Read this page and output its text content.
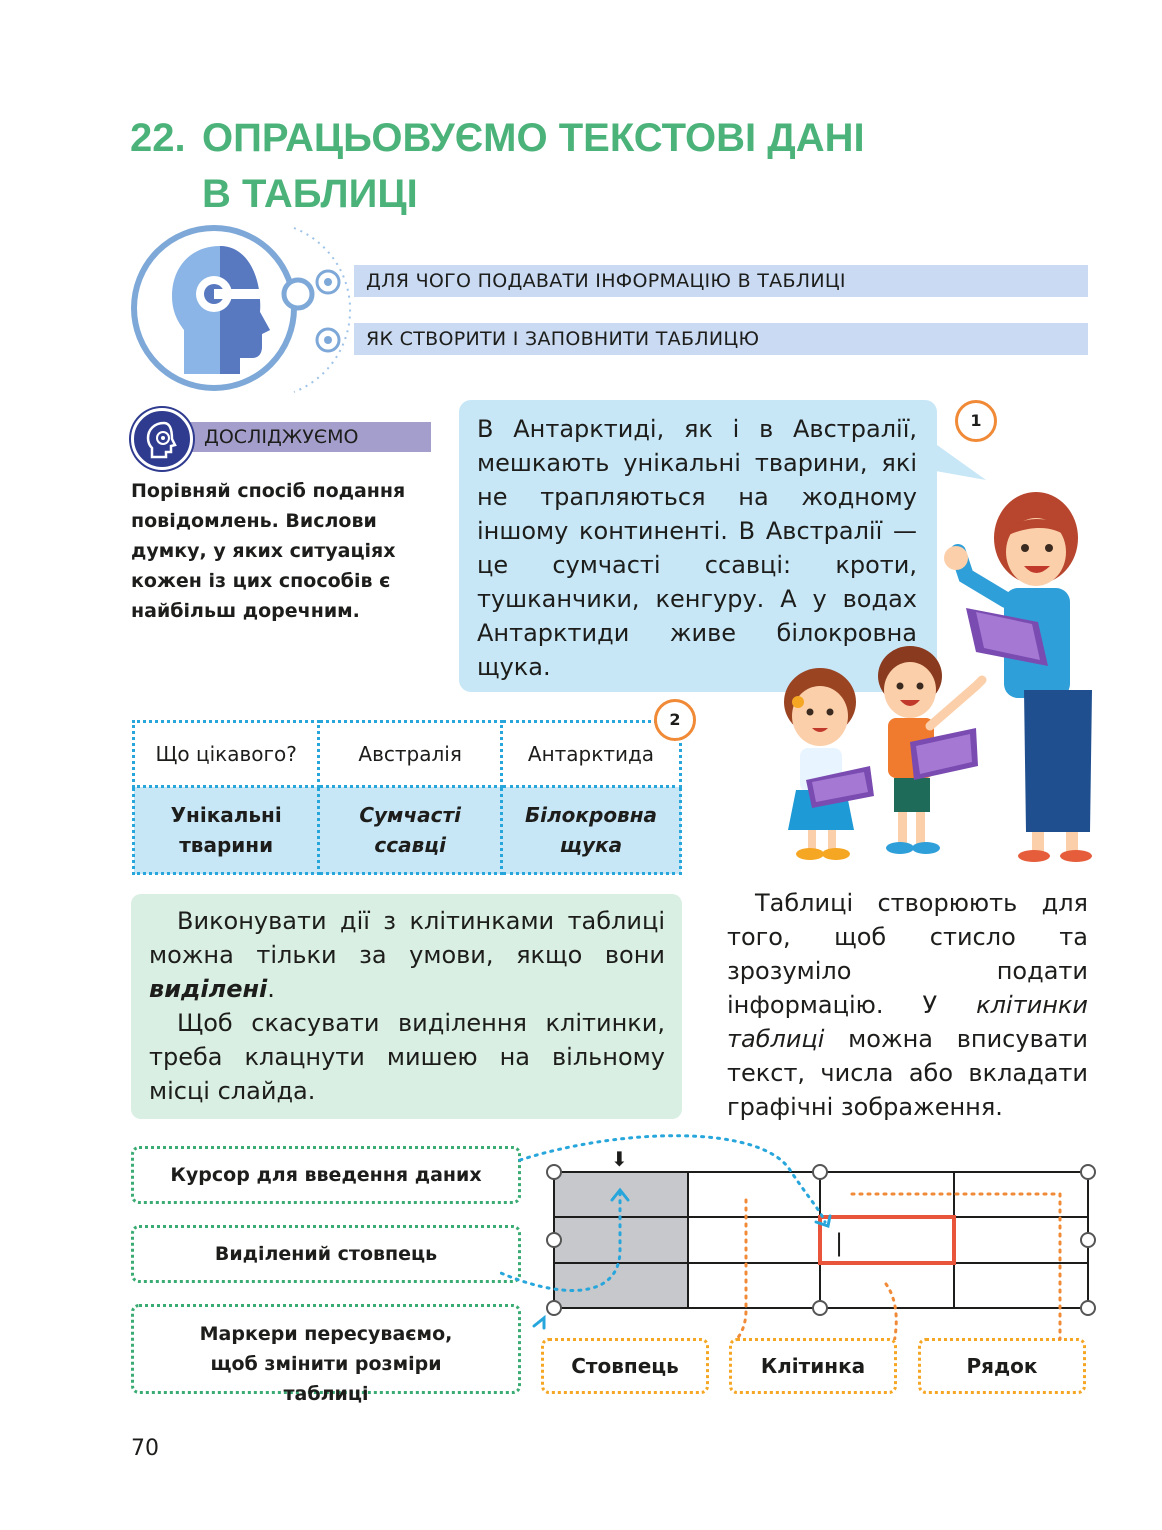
22. ОПРАЦЬОВУЄМО ТЕКСТОВІ ДАНІ
В ТАБЛИЦІ
ДЛЯ ЧОГО ПОДАВАТИ ІНФОРМАЦІЮ В ТАБЛИЦІ
ЯК СТВОРИТИ І ЗАПОВНИТИ ТАБЛИЦЮ
ДОСЛІДЖУЄМО
Порівняй спосіб подання повідомлень. Вислови думку, у яких ситуаціях кожен із цих способів є найбільш доречним.
В Антарктиді, як і в Австралії, мешкають унікальні тварини, які не трапляються на жодному іншому континенті. В Австралії — це сумчасті ссавці: кроти, тушканчики, кенгуру. А у водах Антарктиди живе білокровна щука.
1
Що цікавого?	Австралія	Антарктида
Унікальні тварини	Сумчасті ссавці	Білокровна щука
2

Виконувати дії з клітинками таблиці можна тільки за умови, якщо вони виділені.

Щоб скасувати виділення клітинки, треба клацнути мишею на вільному місці слайда.

Таблиці створюють для того, щоб стисло та зрозуміло подати інформацію. У клітинки таблиці можна вписувати текст, числа або вкладати графічні зображення.

Курсор для введення даних
Виділений стовпець
Маркери пересуваємо, щоб змінити розміри таблиці
Стовпець	Клітинка	Рядок
|
⬇
70
